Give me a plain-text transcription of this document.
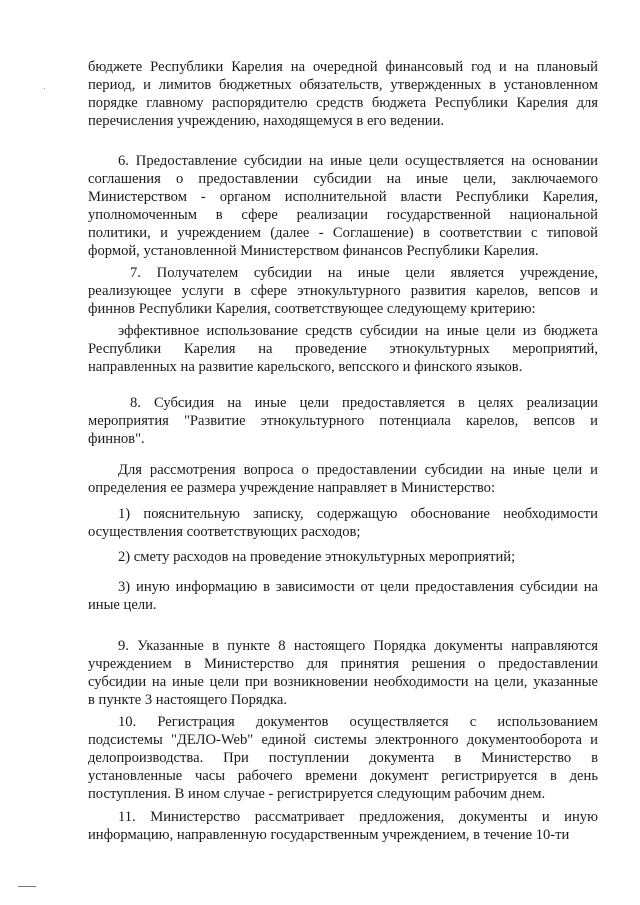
бюджете Республики Карелия на очередной финансовый год и на плановый
период, и лимитов бюджетных обязательств, утвержденных в установленном
порядке главному распорядителю средств бюджета Республики Карелия для
перечисления учреждению, находящемуся в его ведении.
6. Предоставление субсидии на иные цели осуществляется на основании
соглашения о предоставлении субсидии на иные цели, заключаемого
Министерством - органом исполнительной власти Республики Карелия,
уполномоченным в сфере реализации государственной национальной
политики, и учреждением (далее - Соглашение) в соответствии с типовой
формой, установленной Министерством финансов Республики Карелия.
7. Получателем субсидии на иные цели является учреждение,
реализующее услуги в сфере этнокультурного развития карелов, вепсов и
финнов Республики Карелия, соответствующее следующему критерию:
эффективное использование средств субсидии на иные цели из бюджета
Республики Карелия на проведение этнокультурных мероприятий,
направленных на развитие карельского, вепсского и финского языков.
8. Субсидия на иные цели предоставляется в целях реализации
мероприятия "Развитие этнокультурного потенциала карелов, вепсов и
финнов".
Для рассмотрения вопроса о предоставлении субсидии на иные цели и
определения ее размера учреждение направляет в Министерство:
1) пояснительную записку, содержащую обоснование необходимости
осуществления соответствующих расходов;
2) смету расходов на проведение этнокультурных мероприятий;
3) иную информацию в зависимости от цели предоставления субсидии на
иные цели.
9. Указанные в пункте 8 настоящего Порядка документы направляются
учреждением в Министерство для принятия решения о предоставлении
субсидии на иные цели при возникновении необходимости на цели, указанные
в пункте 3 настоящего Порядка.
10. Регистрация документов осуществляется с использованием
подсистемы "ДЕЛО-Web" единой системы электронного документооборота и
делопроизводства. При поступлении документа в Министерство в
установленные часы рабочего времени документ регистрируется в день
поступления. В ином случае - регистрируется следующим рабочим днем.
11. Министерство рассматривает предложения, документы и иную
информацию, направленную государственным учреждением, в течение 10-ти
